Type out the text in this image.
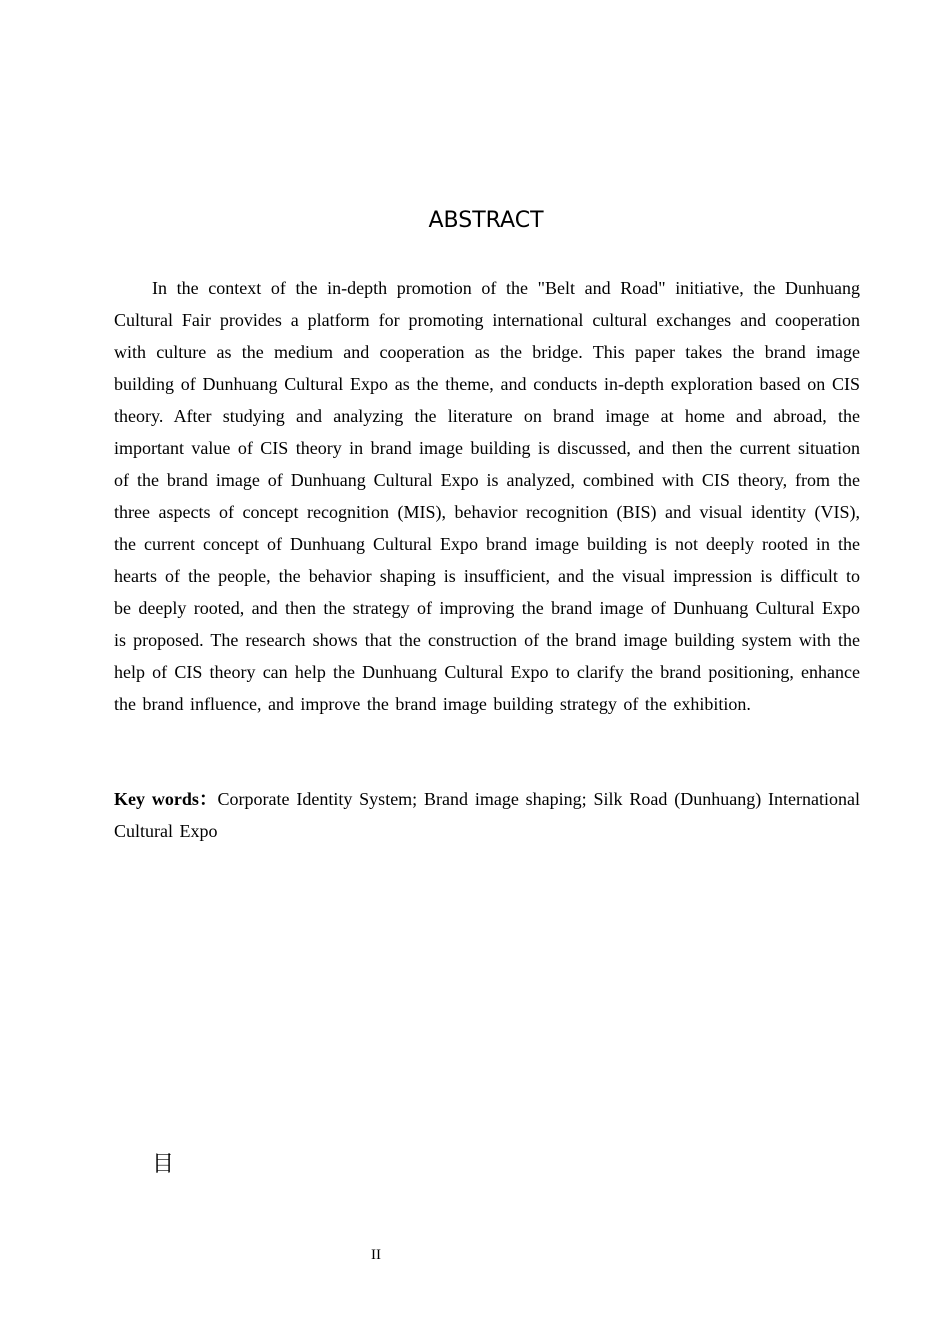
ABSTRACT

In the context of the in-depth promotion of the "Belt and Road" initiative, the Dunhuang Cultural Fair provides a platform for promoting international cultural exchanges and cooperation with culture as the medium and cooperation as the bridge. This paper takes the brand image building of Dunhuang Cultural Expo as the theme, and conducts in-depth exploration based on CIS theory. After studying and analyzing the literature on brand image at home and abroad, the important value of CIS theory in brand image building is discussed, and then the current situation of the brand image of Dunhuang Cultural Expo is analyzed, combined with CIS theory, from the three aspects of concept recognition (MIS), behavior recognition (BIS) and visual identity (VIS), the current concept of Dunhuang Cultural Expo brand image building is not deeply rooted in the hearts of the people, the behavior shaping is insufficient, and the visual impression is difficult to be deeply rooted, and then the strategy of improving the brand image of Dunhuang Cultural Expo is proposed. The research shows that the construction of the brand image building system with the help of CIS theory can help the Dunhuang Cultural Expo to clarify the brand positioning, enhance the brand influence, and improve the brand image building strategy of the exhibition.

Key words：Corporate Identity System; Brand image shaping; Silk Road (Dunhuang) International Cultural Expo

目
II
